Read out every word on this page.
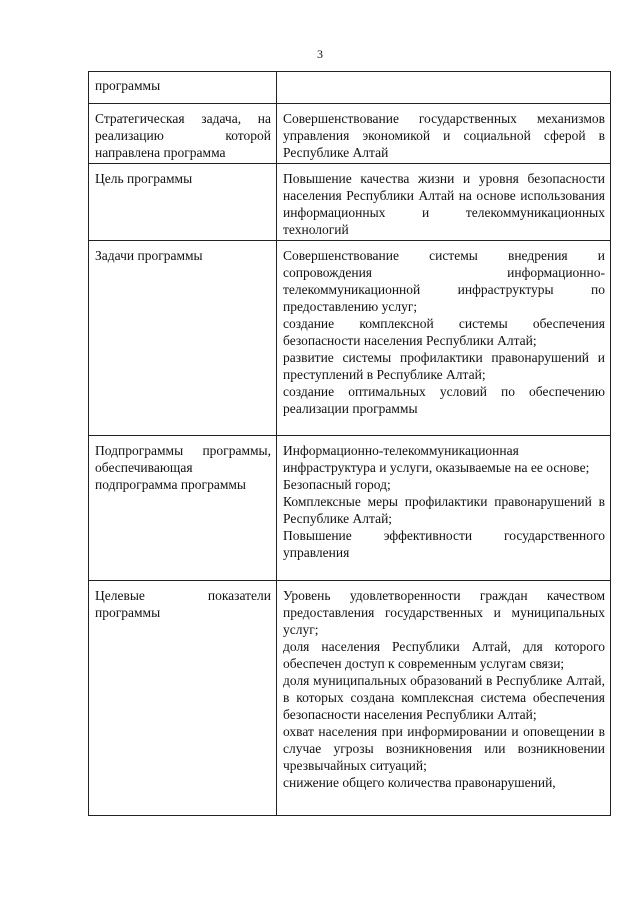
3
программы	

Стратегическая задача, на реализацию которой направлена программа	Совершенствование государственных механизмов управления экономикой и социальной сферой в Республике Алтай

Цель программы	Повышение качества жизни и уровня безопасности населения Республики Алтай на основе использования информационных и телекоммуникационных технологий

Задачи программы	Совершенствование системы внедрения и сопровождения информационно-телекоммуникационной инфраструктуры по предоставлению услуг;
создание комплексной системы обеспечения безопасности населения Республики Алтай;
развитие системы профилактики правонарушений и преступлений в Республике Алтай;
создание оптимальных условий по обеспечению реализации программы

Подпрограммы программы, обеспечивающая подпрограмма программы	Информационно-телекоммуникационная инфраструктура и услуги, оказываемые на ее основе;
Безопасный город;
Комплексные меры профилактики правонарушений в Республике Алтай;
Повышение эффективности государственного управления

Целевые показатели программы	Уровень удовлетворенности граждан качеством предоставления государственных и муниципальных услуг;
доля населения Республики Алтай, для которого обеспечен доступ к современным услугам связи;
доля муниципальных образований в Республике Алтай, в которых создана комплексная система обеспечения безопасности населения Республики Алтай;
охват населения при информировании и оповещении в случае угрозы возникновения или возникновении чрезвычайных ситуаций;
снижение общего количества правонарушений,
